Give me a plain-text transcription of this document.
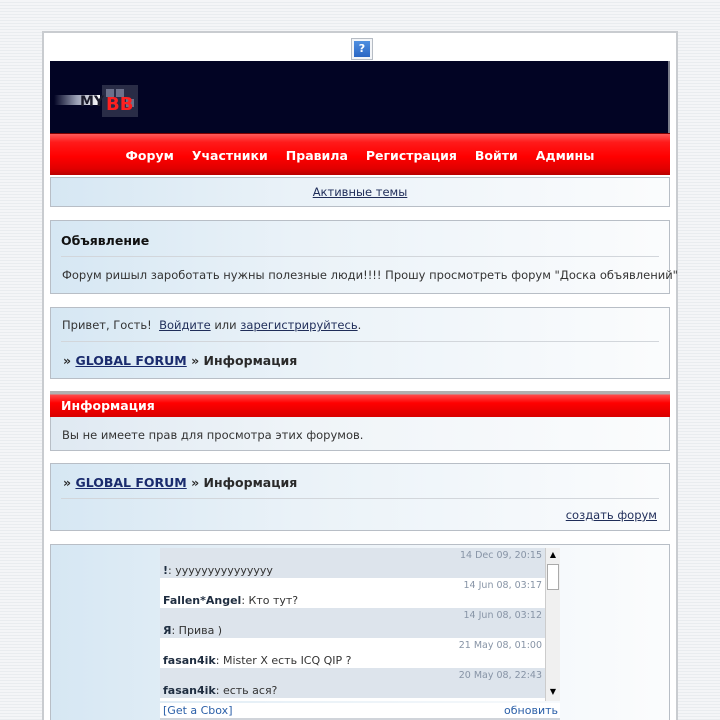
?
MY BB
Форум Участники Правила Регистрация Войти Админы
Активные темы
Объявление
Форум ришыл зароботать нужны полезные люди!!!! Прошу просмотреть форум "Доска объявлений"
Привет, Гость! Войдите или зарегистрируйтесь.
» GLOBAL FORUM » Информация
Информация
Вы не имеете прав для просмотра этих форумов.
» GLOBAL FORUM » Информация
создать форум
14 Dec 09, 20:15
!: yyyyyyyyyyyyyyy
14 Jun 08, 03:17
Fallen*Angel: Кто тут?
14 Jun 08, 03:12
Я: Прива )
21 May 08, 01:00
fasan4ik: Mister X есть ICQ QIP ?
20 May 08, 22:43
fasan4ik: есть ася?
▲
▼
[Get a Cbox]	обновить
